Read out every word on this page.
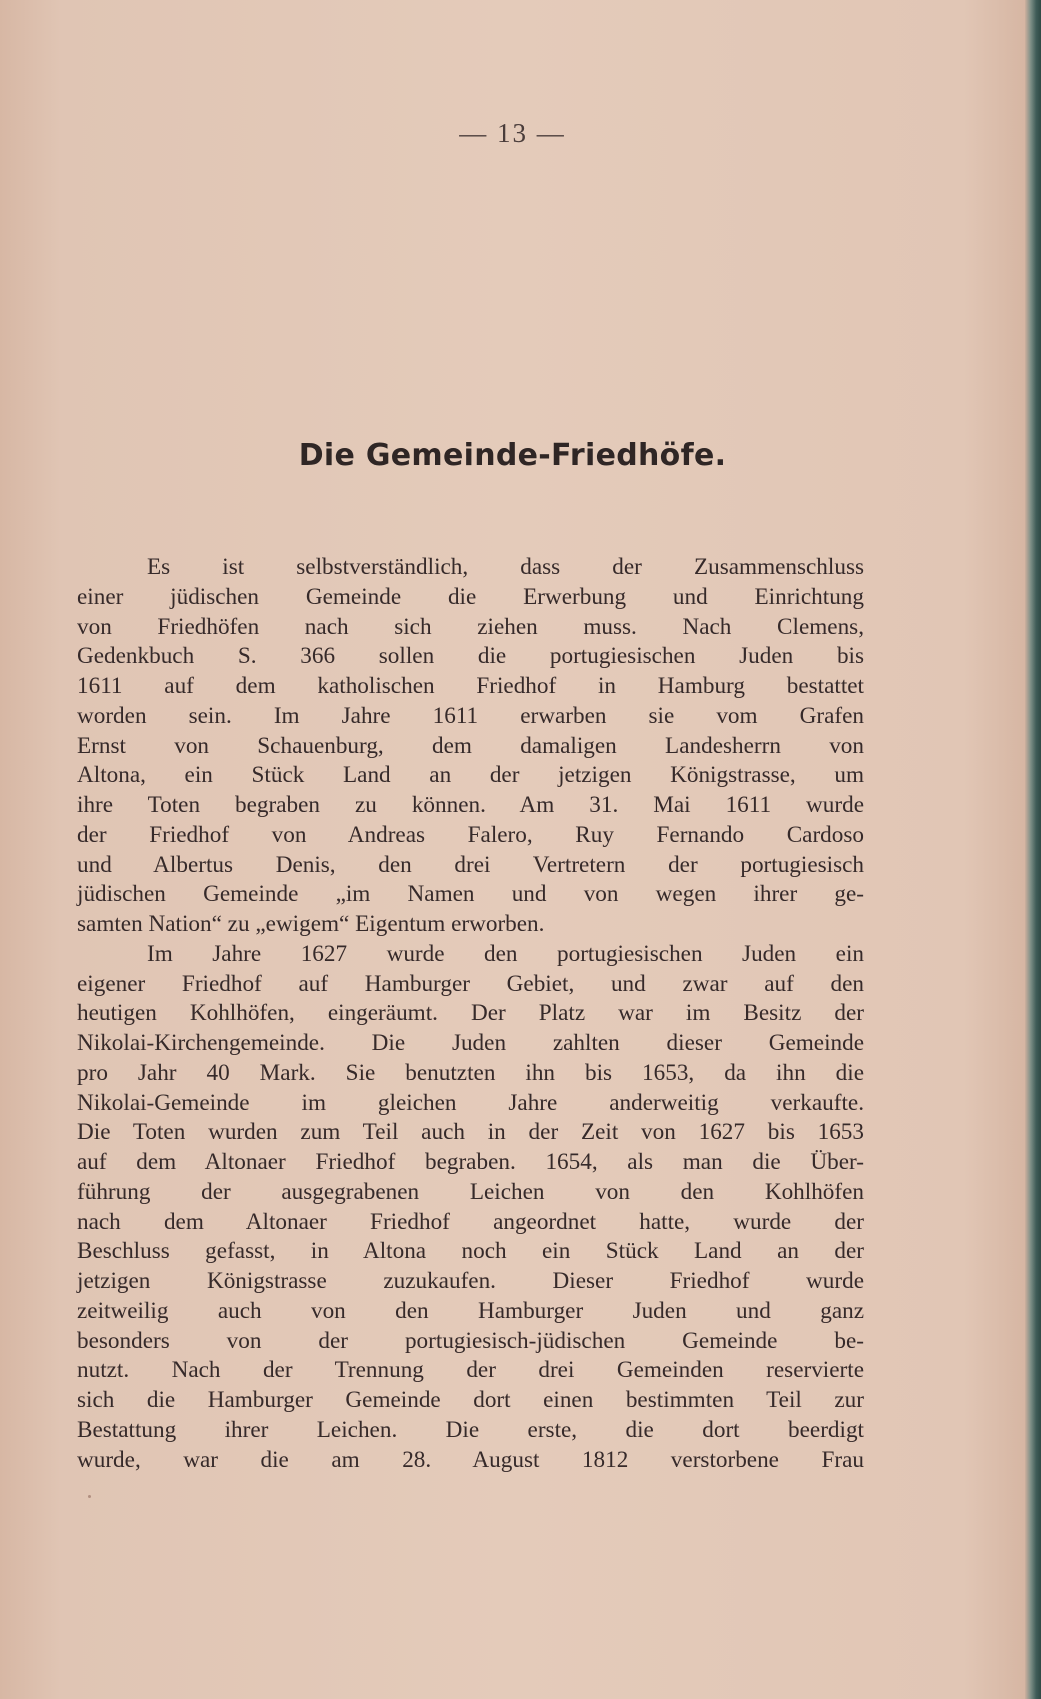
— 13 —
Die Gemeinde-Friedhöfe.
Es ist selbstverständlich, dass der Zusammenschluss
einer jüdischen Gemeinde die Erwerbung und Einrichtung
von Friedhöfen nach sich ziehen muss. Nach Clemens,
Gedenkbuch S. 366 sollen die portugiesischen Juden bis
1611 auf dem katholischen Friedhof in Hamburg bestattet
worden sein. Im Jahre 1611 erwarben sie vom Grafen
Ernst von Schauenburg, dem damaligen Landesherrn von
Altona, ein Stück Land an der jetzigen Königstrasse, um
ihre Toten begraben zu können. Am 31. Mai 1611 wurde
der Friedhof von Andreas Falero, Ruy Fernando Cardoso
und Albertus Denis, den drei Vertretern der portugiesisch
jüdischen Gemeinde „im Namen und von wegen ihrer ge-
samten Nation“ zu „ewigem“ Eigentum erworben.
Im Jahre 1627 wurde den portugiesischen Juden ein
eigener Friedhof auf Hamburger Gebiet, und zwar auf den
heutigen Kohlhöfen, eingeräumt. Der Platz war im Besitz der
Nikolai-Kirchengemeinde. Die Juden zahlten dieser Gemeinde
pro Jahr 40 Mark. Sie benutzten ihn bis 1653, da ihn die
Nikolai-Gemeinde im gleichen Jahre anderweitig verkaufte.
Die Toten wurden zum Teil auch in der Zeit von 1627 bis 1653
auf dem Altonaer Friedhof begraben. 1654, als man die Über-
führung der ausgegrabenen Leichen von den Kohlhöfen
nach dem Altonaer Friedhof angeordnet hatte, wurde der
Beschluss gefasst, in Altona noch ein Stück Land an der
jetzigen Königstrasse zuzukaufen. Dieser Friedhof wurde
zeitweilig auch von den Hamburger Juden und ganz
besonders von der portugiesisch-jüdischen Gemeinde be-
nutzt. Nach der Trennung der drei Gemeinden reservierte
sich die Hamburger Gemeinde dort einen bestimmten Teil zur
Bestattung ihrer Leichen. Die erste, die dort beerdigt
wurde, war die am 28. August 1812 verstorbene Frau
